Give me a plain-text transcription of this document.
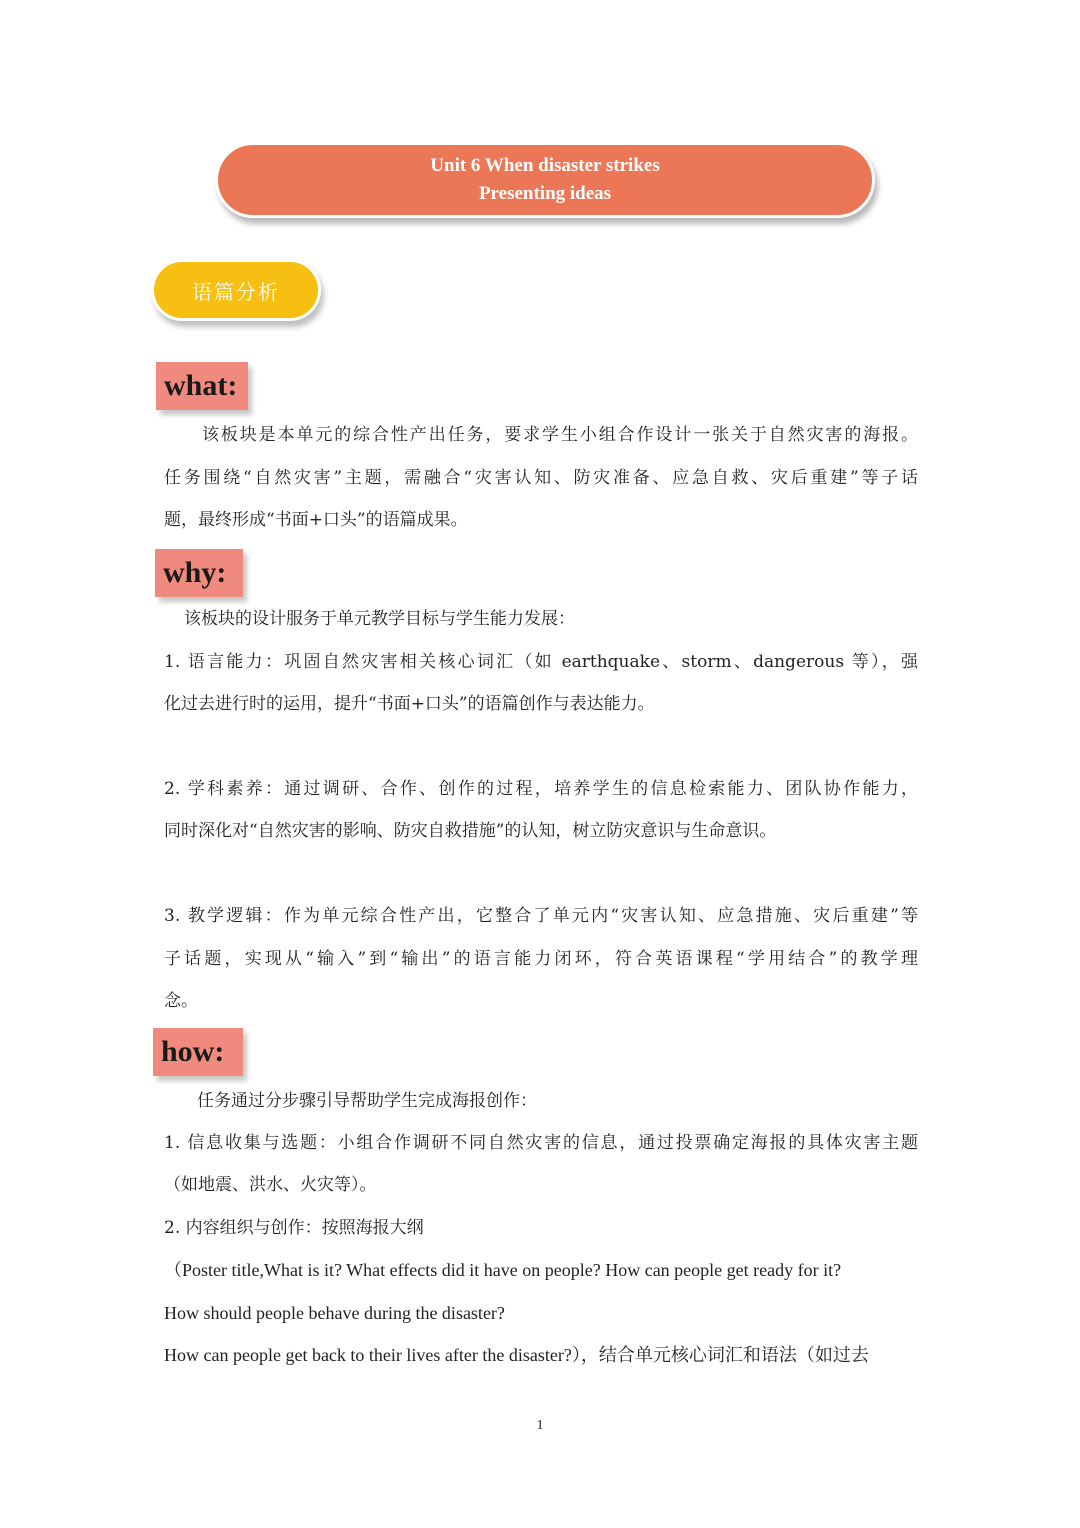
Unit 6 When disaster strikes
Presenting ideas
语篇分析
what:
该板块是本单元的综合性产出任务，要求学生小组合作设计一张关于自然灾害的海报。
任务围绕“自然灾害”主题，需融合“灾害认知、防灾准备、应急自救、灾后重建”等子话
题，最终形成“书面+口头”的语篇成果。
why:
该板块的设计服务于单元教学目标与学生能力发展：
1. 语言能力：巩固自然灾害相关核心词汇（如 earthquake、storm、dangerous 等），强
化过去进行时的运用，提升“书面+口头”的语篇创作与表达能力。
2. 学科素养：通过调研、合作、创作的过程，培养学生的信息检索能力、团队协作能力，
同时深化对“自然灾害的影响、防灾自救措施”的认知，树立防灾意识与生命意识。
3. 教学逻辑：作为单元综合性产出，它整合了单元内“灾害认知、应急措施、灾后重建”等
子话题，实现从“输入”到“输出”的语言能力闭环，符合英语课程“学用结合”的教学理
念。
how:
任务通过分步骤引导帮助学生完成海报创作：
1. 信息收集与选题：小组合作调研不同自然灾害的信息，通过投票确定海报的具体灾害主题
（如地震、洪水、火灾等）。
2. 内容组织与创作：按照海报大纲
（Poster title,What is it? What effects did it have on people? How can people get ready for it?
How should people behave during the disaster?
How can people get back to their lives after the disaster?），结合单元核心词汇和语法（如过去
1
